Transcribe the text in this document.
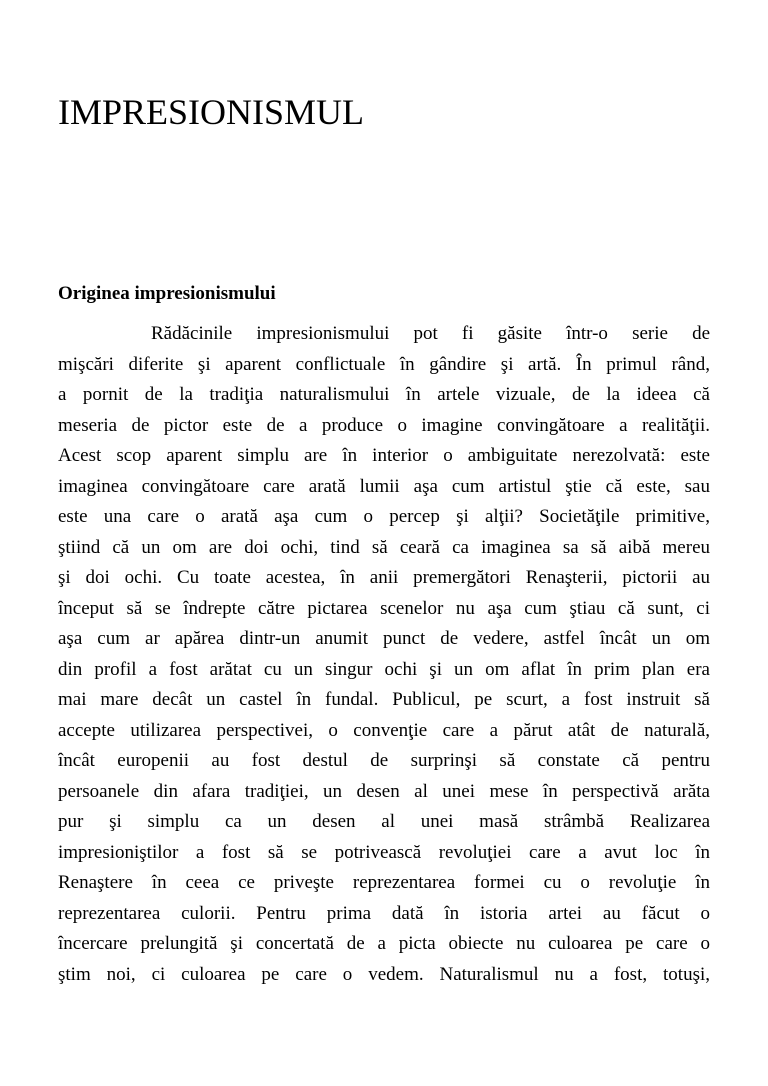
IMPRESIONISMUL
Originea impresionismului
Rădăcinile impresionismului pot fi găsite într-o serie de
mişcări diferite şi aparent conflictuale în gândire şi artă. În primul rând,
a pornit de la tradiţia naturalismului în artele vizuale, de la ideea că
meseria de pictor este de a produce o imagine convingătoare a realităţii.
Acest scop aparent simplu are în interior o ambiguitate nerezolvată: este
imaginea convingătoare care arată lumii aşa cum artistul ştie că este, sau
este una care o arată aşa cum o percep şi alţii? Societăţile primitive,
ştiind că un om are doi ochi, tind să ceară ca imaginea sa să aibă mereu
şi doi ochi. Cu toate acestea, în anii premergători Renaşterii, pictorii au
început să se îndrepte către pictarea scenelor nu aşa cum ştiau că sunt, ci
aşa cum ar apărea dintr-un anumit punct de vedere, astfel încât un om
din profil a fost arătat cu un singur ochi şi un om aflat în prim plan era
mai mare decât un castel în fundal. Publicul, pe scurt, a fost instruit să
accepte utilizarea perspectivei, o convenţie care a părut atât de naturală,
încât europenii au fost destul de surprinşi să constate că pentru
persoanele din afara tradiţiei, un desen al unei mese în perspectivă arăta
pur şi simplu ca un desen al unei masă strâmbă Realizarea
impresioniştilor a fost să se potrivească revoluţiei care a avut loc în
Renaştere în ceea ce priveşte reprezentarea formei cu o revoluţie în
reprezentarea culorii. Pentru prima dată în istoria artei au făcut o
încercare prelungită şi concertată de a picta obiecte nu culoarea pe care o
ştim noi, ci culoarea pe care o vedem. Naturalismul nu a fost, totuşi,
